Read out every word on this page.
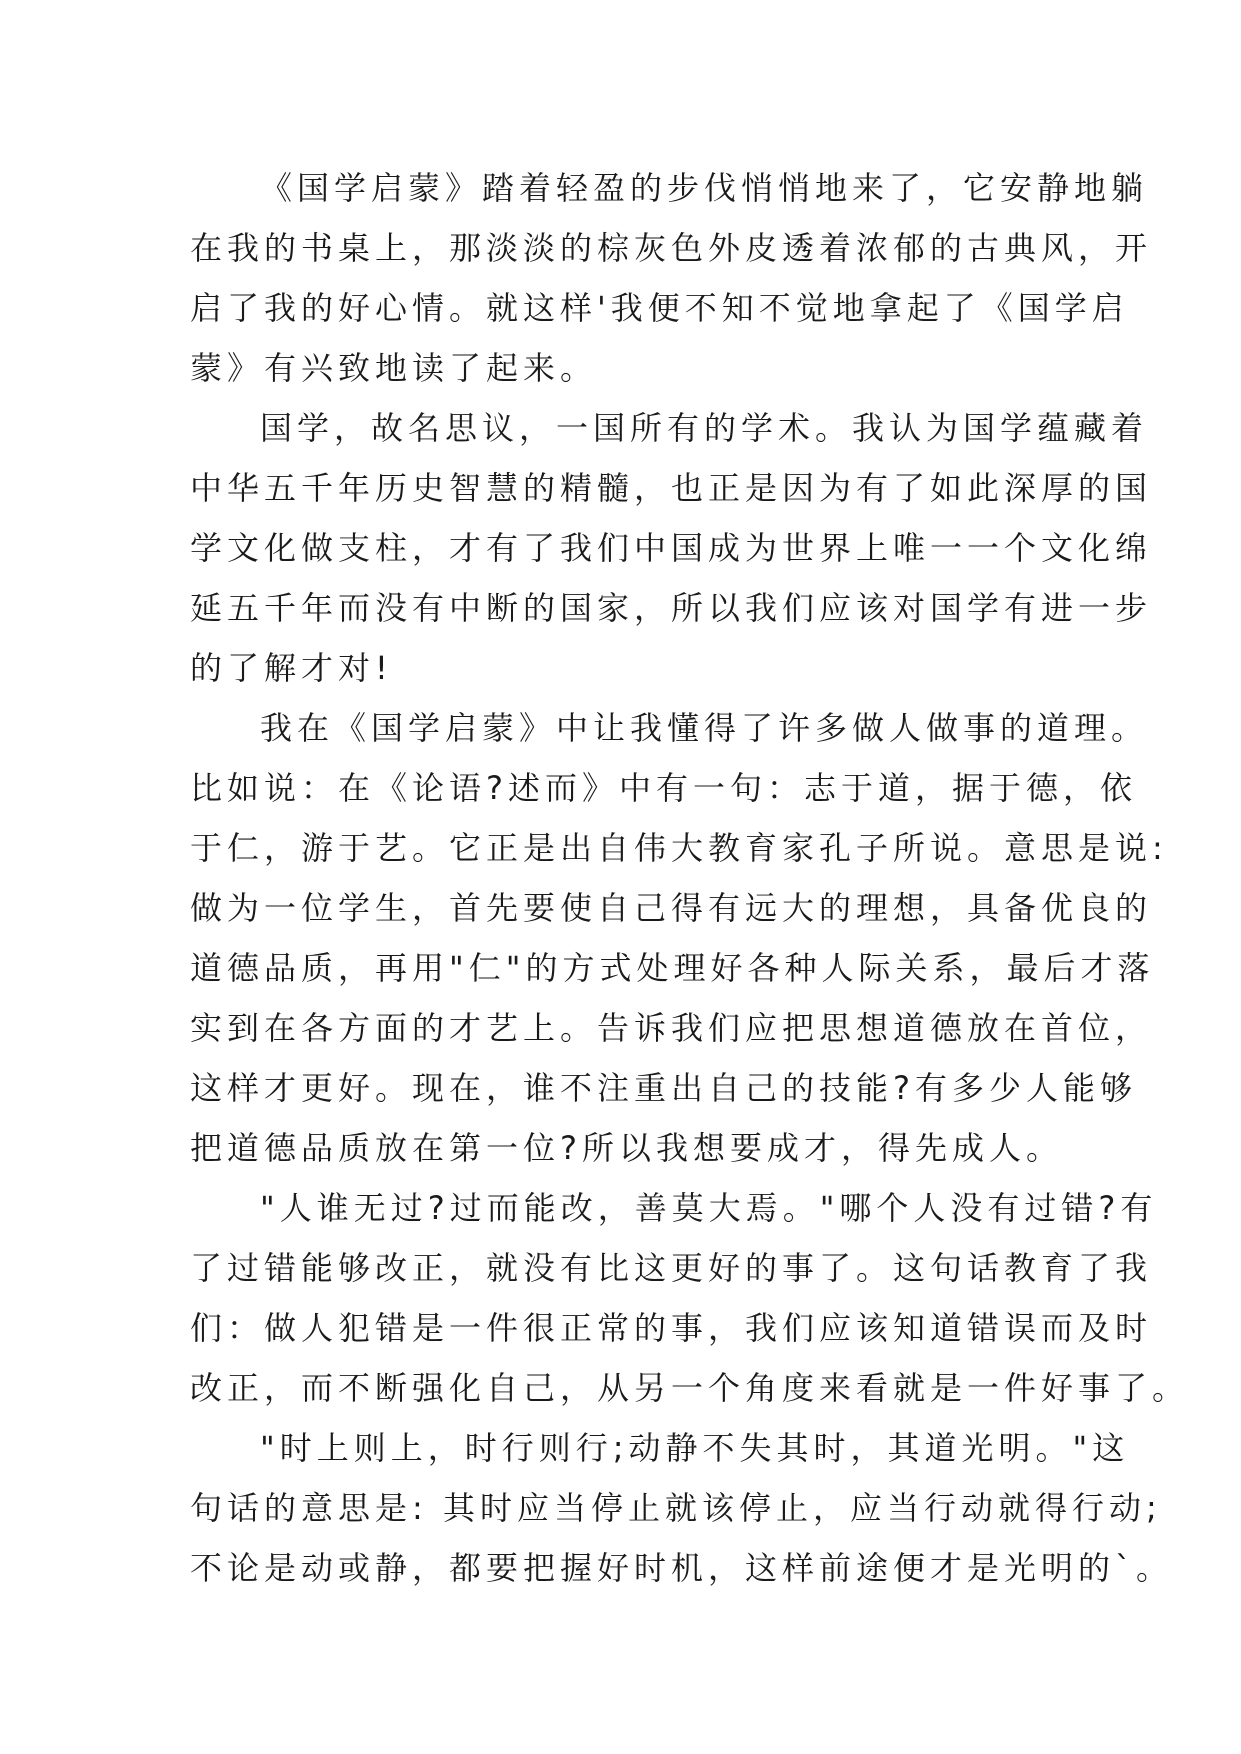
《国学启蒙》踏着轻盈的步伐悄悄地来了，它安静地躺
在我的书桌上，那淡淡的棕灰色外皮透着浓郁的古典风，开
启了我的好心情。就这样'我便不知不觉地拿起了《国学启
蒙》有兴致地读了起来。
国学，故名思议，一国所有的学术。我认为国学蕴藏着
中华五千年历史智慧的精髓，也正是因为有了如此深厚的国
学文化做支柱，才有了我们中国成为世界上唯一一个文化绵
延五千年而没有中断的国家，所以我们应该对国学有进一步
的了解才对!
我在《国学启蒙》中让我懂得了许多做人做事的道理。
比如说：在《论语?述而》中有一句：志于道，据于德，依
于仁，游于艺。它正是出自伟大教育家孔子所说。意思是说:
做为一位学生，首先要使自己得有远大的理想，具备优良的
道德品质，再用"仁"的方式处理好各种人际关系，最后才落
实到在各方面的才艺上。告诉我们应把思想道德放在首位，
这样才更好。现在，谁不注重出自己的技能?有多少人能够
把道德品质放在第一位?所以我想要成才，得先成人。
"人谁无过?过而能改，善莫大焉。"哪个人没有过错?有
了过错能够改正，就没有比这更好的事了。这句话教育了我
们：做人犯错是一件很正常的事，我们应该知道错误而及时
改正，而不断强化自己，从另一个角度来看就是一件好事了。
"时上则上，时行则行;动静不失其时，其道光明。"这
句话的意思是: 其时应当停止就该停止，应当行动就得行动;
不论是动或静，都要把握好时机，这样前途便才是光明的`。
